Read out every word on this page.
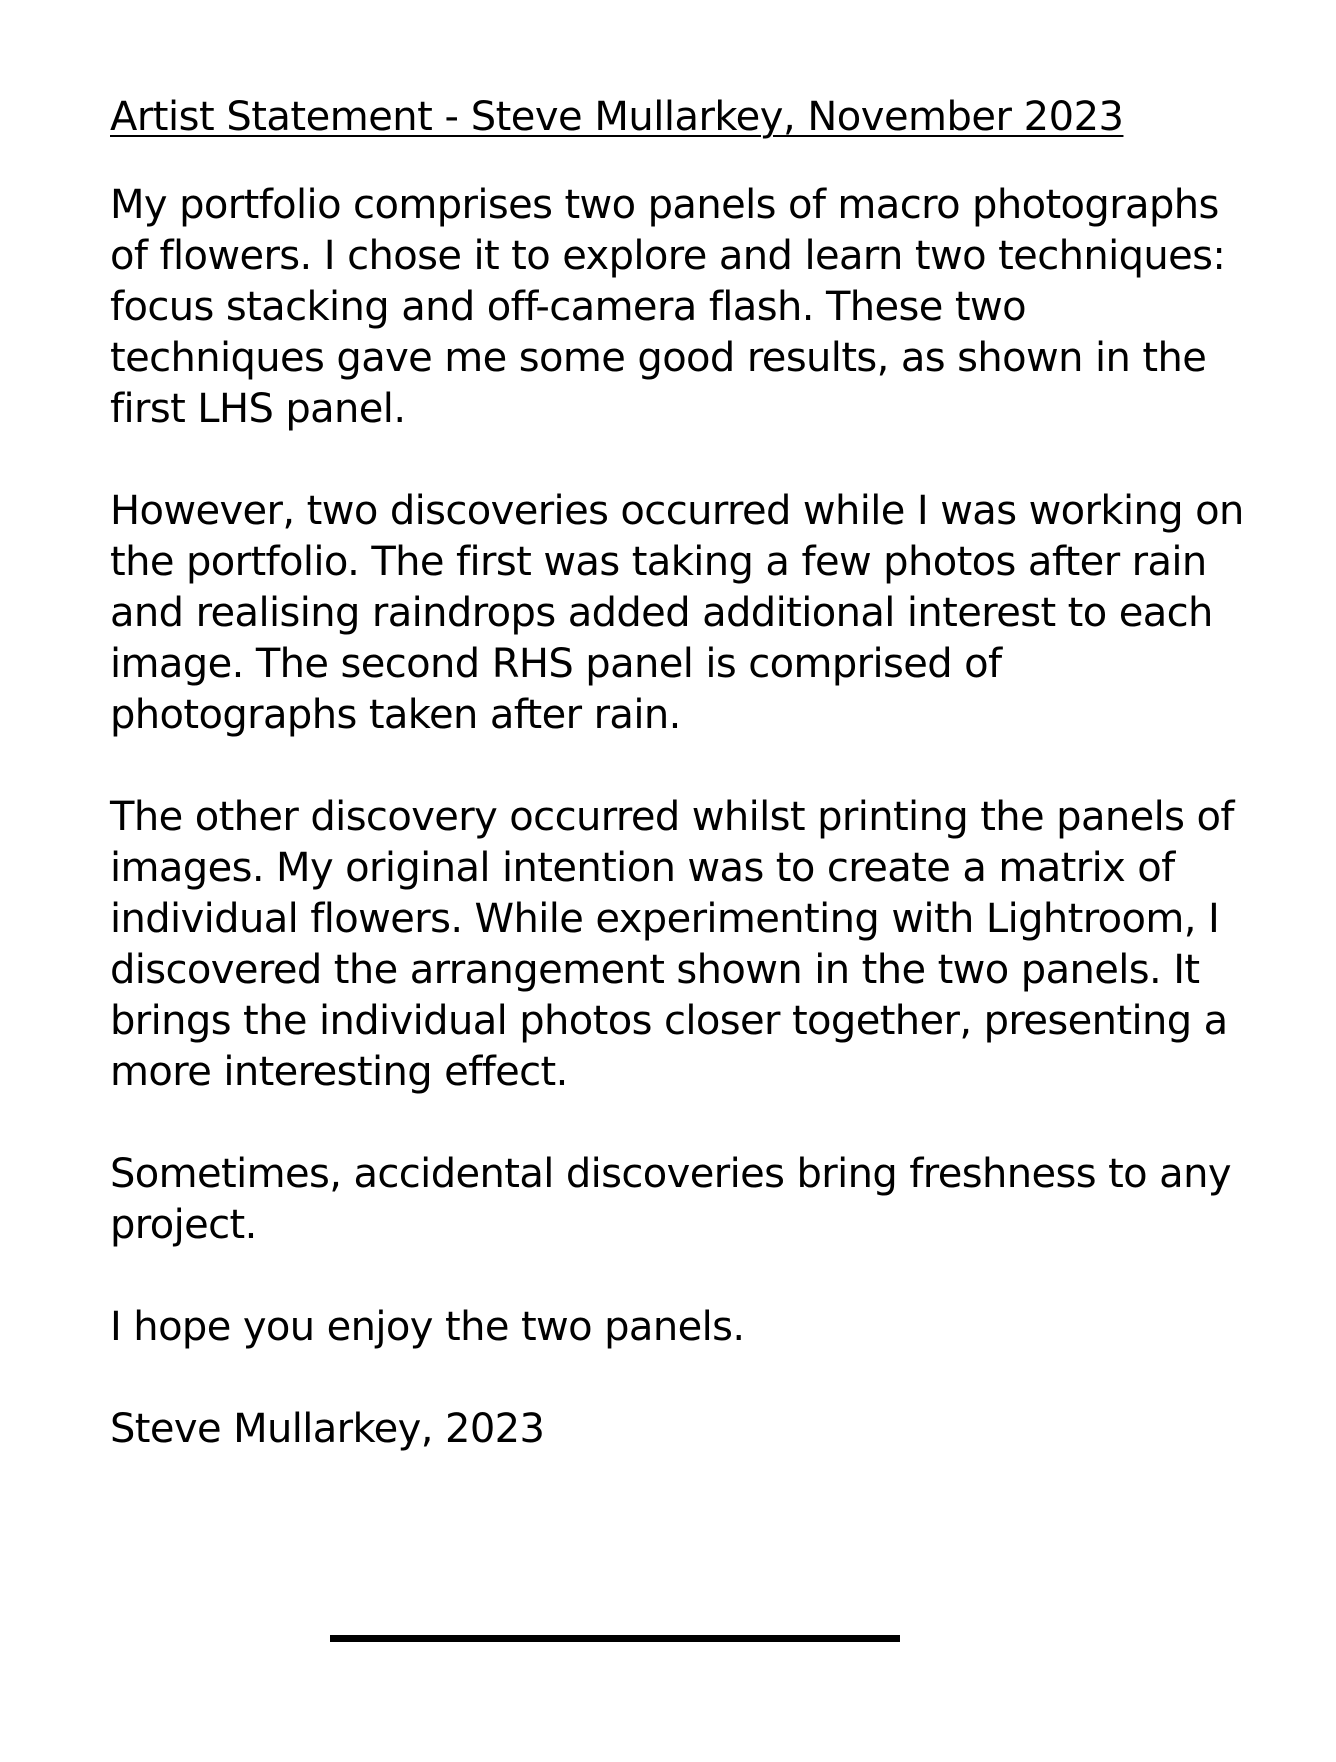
Artist Statement - Steve Mullarkey, November 2023
My portfolio comprises two panels of macro photographs
of flowers. I chose it to explore and learn two techniques:
focus stacking and off-camera flash. These two
techniques gave me some good results, as shown in the
first LHS panel.
However, two discoveries occurred while I was working on
the portfolio. The first was taking a few photos after rain
and realising raindrops added additional interest to each
image. The second RHS panel is comprised of
photographs taken after rain.
The other discovery occurred whilst printing the panels of
images. My original intention was to create a matrix of
individual flowers. While experimenting with Lightroom, I
discovered the arrangement shown in the two panels. It
brings the individual photos closer together, presenting a
more interesting effect.
Sometimes, accidental discoveries bring freshness to any
project.
I hope you enjoy the two panels.

Steve Mullarkey, 2023
